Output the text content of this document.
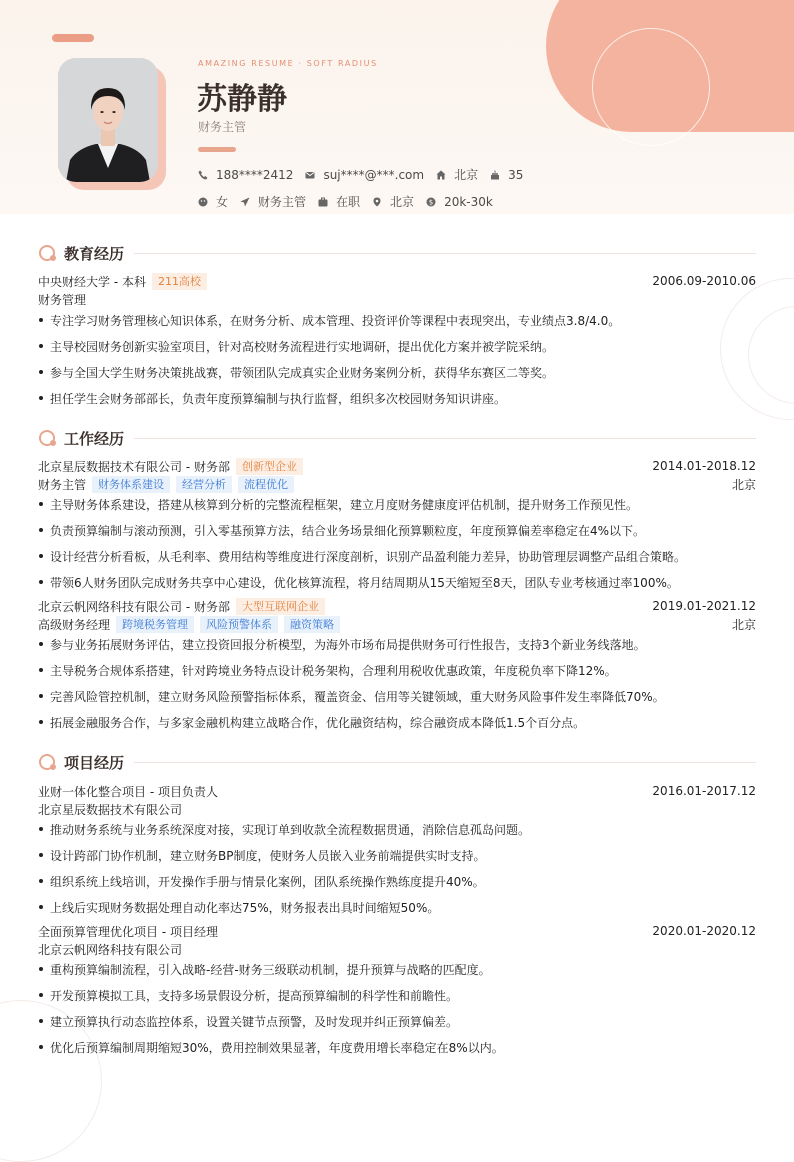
AMAZING RESUME · SOFT RADIUS
苏静静
财务主管
188****2412	suj****@***.com	北京	35
女	财务主管	在职	北京 $ 20k-30k
教育经历
中央财经大学 - 本科	211高校	2006.09-2010.06
财务管理
专注学习财务管理核心知识体系，在财务分析、成本管理、投资评价等课程中表现突出，专业绩点3.8/4.0。
主导校园财务创新实验室项目，针对高校财务流程进行实地调研，提出优化方案并被学院采纳。
参与全国大学生财务决策挑战赛，带领团队完成真实企业财务案例分析，获得华东赛区二等奖。
担任学生会财务部部长，负责年度预算编制与执行监督，组织多次校园财务知识讲座。
工作经历
北京星辰数据技术有限公司 - 财务部	创新型企业	2014.01-2018.12
财务主管	财务体系建设	经营分析	流程优化	北京
主导财务体系建设，搭建从核算到分析的完整流程框架，建立月度财务健康度评估机制，提升财务工作预见性。
负责预算编制与滚动预测，引入零基预算方法，结合业务场景细化预算颗粒度，年度预算偏差率稳定在4%以下。
设计经营分析看板，从毛利率、费用结构等维度进行深度剖析，识别产品盈利能力差异，协助管理层调整产品组合策略。
带领6人财务团队完成财务共享中心建设，优化核算流程，将月结周期从15天缩短至8天，团队专业考核通过率100%。
北京云帆网络科技有限公司 - 财务部	大型互联网企业	2019.01-2021.12
高级财务经理	跨境税务管理	风险预警体系	融资策略	北京
参与业务拓展财务评估，建立投资回报分析模型，为海外市场布局提供财务可行性报告，支持3个新业务线落地。
主导税务合规体系搭建，针对跨境业务特点设计税务架构，合理利用税收优惠政策，年度税负率下降12%。
完善风险管控机制，建立财务风险预警指标体系，覆盖资金、信用等关键领域，重大财务风险事件发生率降低70%。
拓展金融服务合作，与多家金融机构建立战略合作，优化融资结构，综合融资成本降低1.5个百分点。
项目经历
业财一体化整合项目 - 项目负责人	2016.01-2017.12
北京星辰数据技术有限公司
推动财务系统与业务系统深度对接，实现订单到收款全流程数据贯通，消除信息孤岛问题。
设计跨部门协作机制，建立财务BP制度，使财务人员嵌入业务前端提供实时支持。
组织系统上线培训，开发操作手册与情景化案例，团队系统操作熟练度提升40%。
上线后实现财务数据处理自动化率达75%，财务报表出具时间缩短50%。
全面预算管理优化项目 - 项目经理	2020.01-2020.12
北京云帆网络科技有限公司
重构预算编制流程，引入战略-经营-财务三级联动机制，提升预算与战略的匹配度。
开发预算模拟工具，支持多场景假设分析，提高预算编制的科学性和前瞻性。
建立预算执行动态监控体系，设置关键节点预警，及时发现并纠正预算偏差。
优化后预算编制周期缩短30%，费用控制效果显著，年度费用增长率稳定在8%以内。
